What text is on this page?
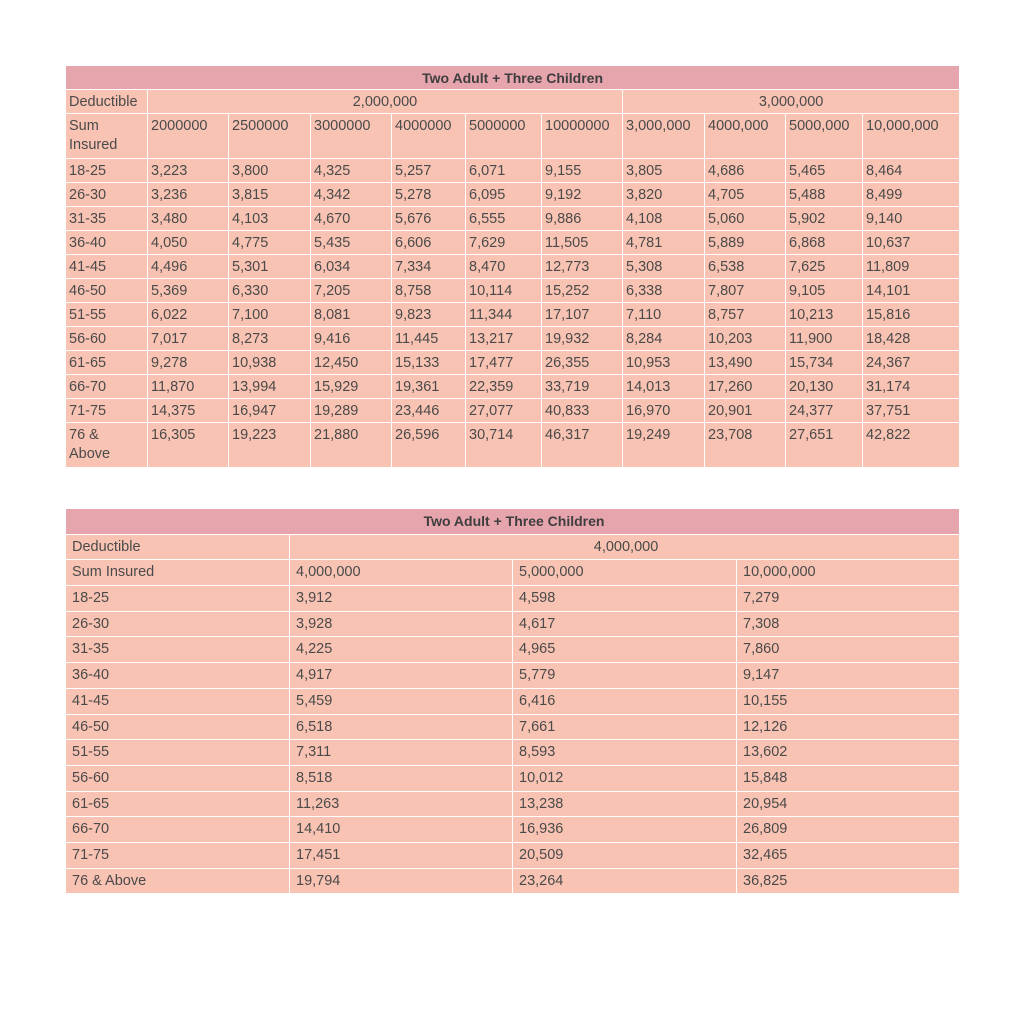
Two Adult + Three Children										
Deductible	2,000,000						3,000,000			
Sum Insured	2000000	2500000	3000000	4000000	5000000	10000000	3,000,000	4000,000	5000,000	10,000,000
18-25	3,223	3,800	4,325	5,257	6,071	9,155	3,805	4,686	5,465	8,464
26-30	3,236	3,815	4,342	5,278	6,095	9,192	3,820	4,705	5,488	8,499
31-35	3,480	4,103	4,670	5,676	6,555	9,886	4,108	5,060	5,902	9,140
36-40	4,050	4,775	5,435	6,606	7,629	11,505	4,781	5,889	6,868	10,637
41-45	4,496	5,301	6,034	7,334	8,470	12,773	5,308	6,538	7,625	11,809
46-50	5,369	6,330	7,205	8,758	10,114	15,252	6,338	7,807	9,105	14,101
51-55	6,022	7,100	8,081	9,823	11,344	17,107	7,110	8,757	10,213	15,816
56-60	7,017	8,273	9,416	11,445	13,217	19,932	8,284	10,203	11,900	18,428
61-65	9,278	10,938	12,450	15,133	17,477	26,355	10,953	13,490	15,734	24,367
66-70	11,870	13,994	15,929	19,361	22,359	33,719	14,013	17,260	20,130	31,174
71-75	14,375	16,947	19,289	23,446	27,077	40,833	16,970	20,901	24,377	37,751
76 & Above	16,305	19,223	21,880	26,596	30,714	46,317	19,249	23,708	27,651	42,822
Two Adult + Three Children			
Deductible	4,000,000		
Sum Insured	4,000,000	5,000,000	10,000,000
18-25	3,912	4,598	7,279
26-30	3,928	4,617	7,308
31-35	4,225	4,965	7,860
36-40	4,917	5,779	9,147
41-45	5,459	6,416	10,155
46-50	6,518	7,661	12,126
51-55	7,311	8,593	13,602
56-60	8,518	10,012	15,848
61-65	11,263	13,238	20,954
66-70	14,410	16,936	26,809
71-75	17,451	20,509	32,465
76 & Above	19,794	23,264	36,825
